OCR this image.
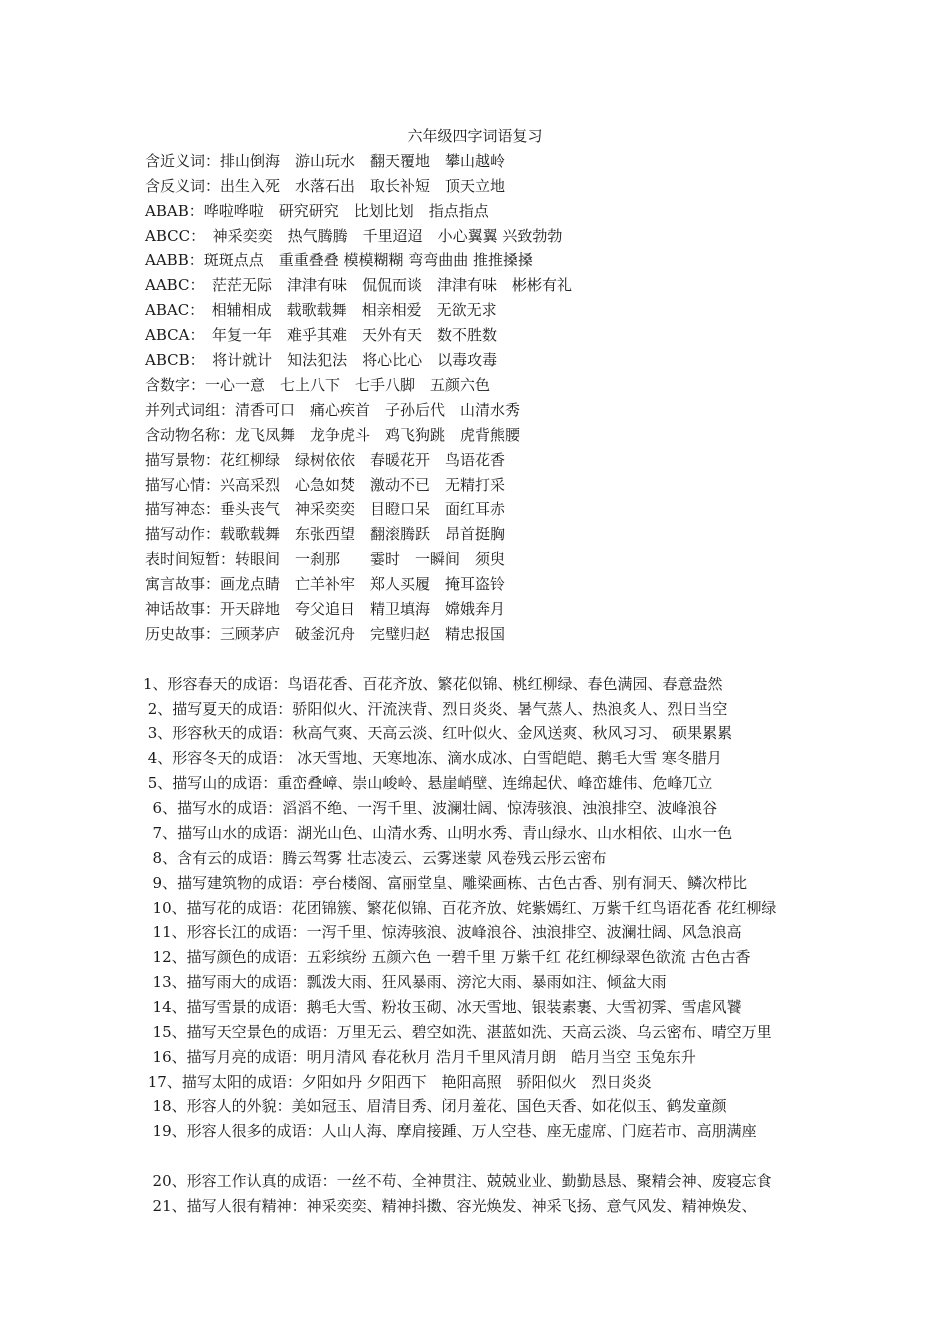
六年级四字词语复习
含近义词：排山倒海　游山玩水　翻天覆地　攀山越岭
含反义词：出生入死　水落石出　取长补短　顶天立地
ABAB：哗啦哗啦　研究研究　比划比划　指点指点
ABCC：　神采奕奕　热气腾腾　千里迢迢　小心翼翼 兴致勃勃
AABB：斑斑点点　重重叠叠 模模糊糊 弯弯曲曲 推推搡搡
AABC：　茫茫无际　津津有味　侃侃而谈　津津有味　彬彬有礼
ABAC：　相辅相成　载歌载舞　相亲相爱　无欲无求
ABCA：　年复一年　难乎其难　天外有天　数不胜数
ABCB：　将计就计　知法犯法　将心比心　以毒攻毒
含数字：一心一意　七上八下　七手八脚　五颜六色
并列式词组：清香可口　痛心疾首　子孙后代　山清水秀
含动物名称：龙飞凤舞　龙争虎斗　鸡飞狗跳　虎背熊腰
描写景物：花红柳绿　绿树依依　春暖花开　鸟语花香
描写心情：兴高采烈　心急如焚　激动不已　无精打采
描写神态：垂头丧气　神采奕奕　目瞪口呆　面红耳赤
描写动作：载歌载舞　东张西望　翻滚腾跃　昂首挺胸
表时间短暂：转眼间　一刹那　　霎时　一瞬间　须臾
寓言故事：画龙点睛　亡羊补牢　郑人买履　掩耳盗铃
神话故事：开天辟地　夸父追日　精卫填海　嫦娥奔月
历史故事：三顾茅庐　破釜沉舟　完璧归赵　精忠报国
1、形容春天的成语：鸟语花香、百花齐放、繁花似锦、桃红柳绿、春色满园、春意盎然
2、描写夏天的成语：骄阳似火、汗流浃背、烈日炎炎、暑气蒸人、热浪炙人、烈日当空
3、形容秋天的成语：秋高气爽、天高云淡、红叶似火、金风送爽、秋风习习、 硕果累累
4、形容冬天的成语： 冰天雪地、天寒地冻、滴水成冰、白雪皑皑、鹅毛大雪 寒冬腊月
5、描写山的成语：重峦叠嶂、崇山峻岭、悬崖峭壁、连绵起伏、峰峦雄伟、危峰兀立
6、描写水的成语：滔滔不绝、一泻千里、波澜壮阔、惊涛骇浪、浊浪排空、波峰浪谷
7、描写山水的成语：湖光山色、山清水秀、山明水秀、青山绿水、山水相依、山水一色
8、含有云的成语：腾云驾雾 壮志凌云、云雾迷蒙 风卷残云彤云密布
9、描写建筑物的成语：亭台楼阁、富丽堂皇、雕梁画栋、古色古香、别有洞天、鳞次栉比
10、描写花的成语：花团锦簇、繁花似锦、百花齐放、姹紫嫣红、万紫千红鸟语花香 花红柳绿
11、形容长江的成语：一泻千里、惊涛骇浪、波峰浪谷、浊浪排空、波澜壮阔、风急浪高
12、描写颜色的成语：五彩缤纷 五颜六色 一碧千里 万紫千红 花红柳绿翠色欲流 古色古香
13、描写雨大的成语：瓢泼大雨、狂风暴雨、滂沱大雨、暴雨如注、倾盆大雨
14、描写雪景的成语：鹅毛大雪、粉妆玉砌、冰天雪地、银装素裹、大雪初霁、雪虐风饕
15、描写天空景色的成语：万里无云、碧空如洗、湛蓝如洗、天高云淡、乌云密布、晴空万里
16、描写月亮的成语：明月清风 春花秋月 浩月千里风清月朗　皓月当空 玉兔东升
17、描写太阳的成语：夕阳如丹 夕阳西下　艳阳高照　骄阳似火　烈日炎炎
18、形容人的外貌：美如冠玉、眉清目秀、闭月羞花、国色天香、如花似玉、鹤发童颜
19、形容人很多的成语：人山人海、摩肩接踵、万人空巷、座无虚席、门庭若市、高朋满座
20、形容工作认真的成语：一丝不苟、全神贯注、兢兢业业、勤勤恳恳、聚精会神、废寝忘食
21、描写人很有精神：神采奕奕、精神抖擞、容光焕发、神采飞扬、意气风发、精神焕发、
